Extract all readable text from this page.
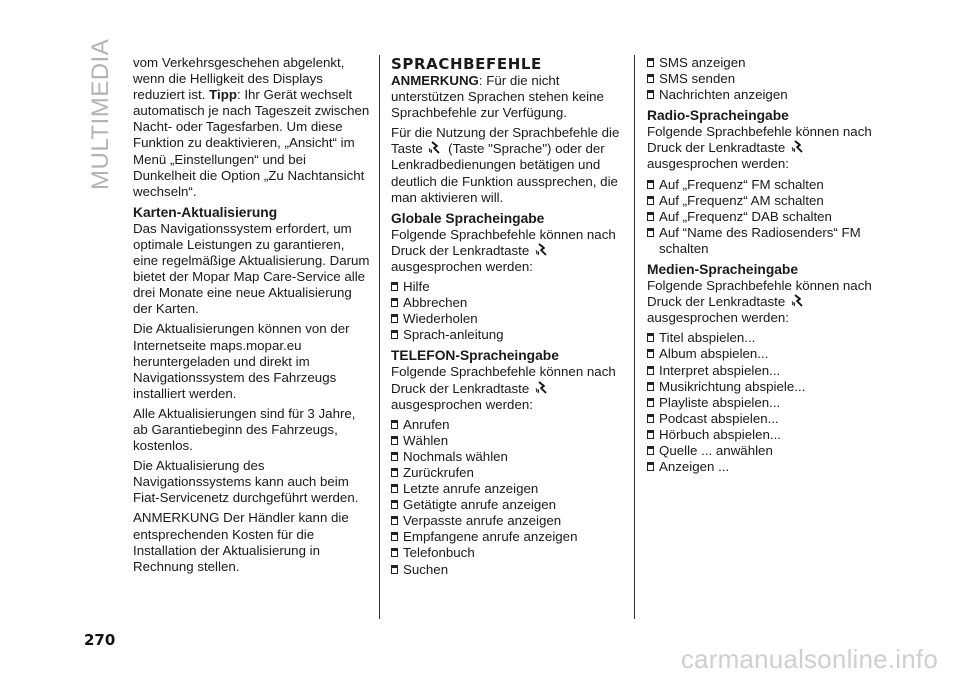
MULTIMEDIA vom Verkehrsgeschehen abgelenkt, wenn die Helligkeit des Displays reduziert ist. Tipp: Ihr Gerät wechselt automatisch je nach Tageszeit zwischen Nacht- oder Tagesfarben. Um diese Funktion zu deaktivieren, „Ansicht“ im Menü „Einstellungen“ und bei Dunkelheit die Option „Zu Nachtansicht wechseln“.

Karten-Aktualisierung

Das Navigationssystem erfordert, um optimale Leistungen zu garantieren, eine regelmäßige Aktualisierung. Darum bietet der Mopar Map Care-Service alle drei Monate eine neue Aktualisierung der Karten.

Die Aktualisierungen können von der Internetseite maps.mopar.eu heruntergeladen und direkt im Navigationssystem des Fahrzeugs installiert werden.

Alle Aktualisierungen sind für 3 Jahre, ab Garantiebeginn des Fahrzeugs, kostenlos.

Die Aktualisierung des Navigationssystems kann auch beim Fiat-Servicenetz durchgeführt werden.

ANMERKUNG Der Händler kann die entsprechenden Kosten für die Installation der Aktualisierung in Rechnung stellen.

SPRACHBEFEHLE

ANMERKUNG: Für die nicht unterstützen Sprachen stehen keine Sprachbefehle zur Verfügung.

Für die Nutzung der Sprachbefehle die Taste  (Taste "Sprache") oder der Lenkradbedienungen betätigen und deutlich die Funktion aussprechen, die man aktivieren will.

Globale Spracheingabe

Folgende Sprachbefehle können nach Druck der Lenkradtaste  ausgesprochen werden:

Hilfe
Abbrechen
Wiederholen
Sprach-anleitung
TELEFON-Spracheingabe

Folgende Sprachbefehle können nach Druck der Lenkradtaste  ausgesprochen werden:

Anrufen
Wählen
Nochmals wählen
Zurückrufen
Letzte anrufe anzeigen
Getätigte anrufe anzeigen
Verpasste anrufe anzeigen
Empfangene anrufe anzeigen
Telefonbuch
Suchen
SMS anzeigen
SMS senden
Nachrichten anzeigen
Radio-Spracheingabe

Folgende Sprachbefehle können nach Druck der Lenkradtaste  ausgesprochen werden:

Auf „Frequenz“ FM schalten
Auf „Frequenz“ AM schalten
Auf „Frequenz“ DAB schalten
Auf “Name des Radiosenders“ FM schalten
Medien-Spracheingabe

Folgende Sprachbefehle können nach Druck der Lenkradtaste  ausgesprochen werden:

Titel abspielen...
Album abspielen...
Interpret abspielen...
Musikrichtung abspiele...
Playliste abspielen...
Podcast abspielen...
Hörbuch abspielen...
Quelle ... anwählen
Anzeigen ...
270
carmanualsonline.info
